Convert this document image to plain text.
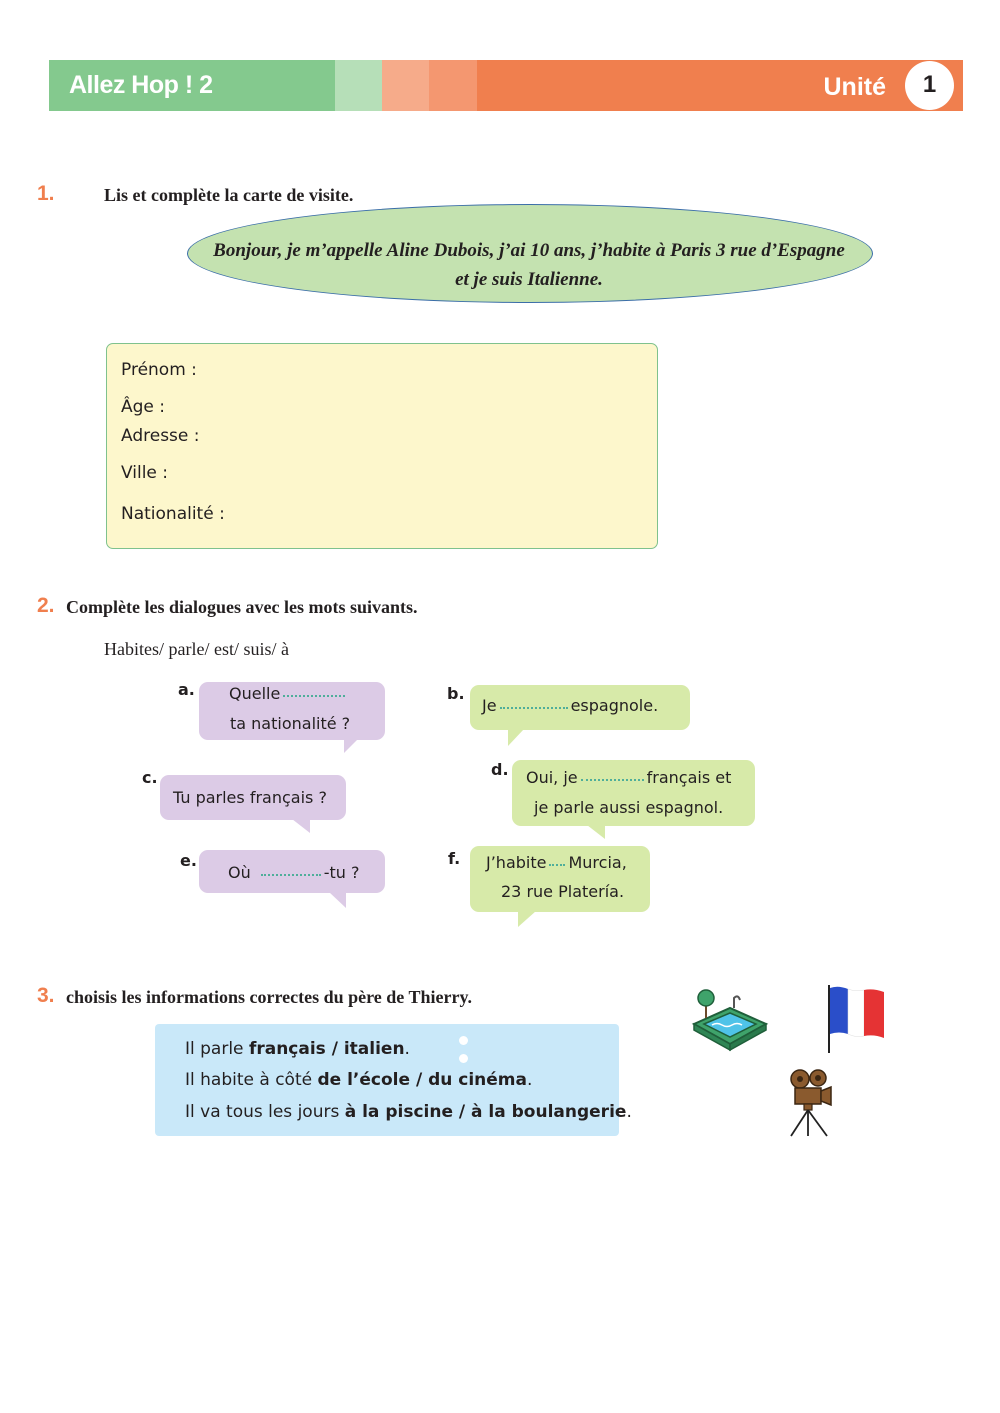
Allez Hop ! 2	Unité	1
1.	Lis et complète la carte de visite.
Bonjour, je m’appelle Aline Dubois, j’ai 10 ans, j’habite à Paris 3 rue d’Espagne
et je suis Italienne.
Prénom :
Âge :
Adresse :
Ville :
Nationalité :
2. Complète les dialogues avec les mots suivants.
Habites/ parle/ est/ suis/ à
a. Quelle
ta nationalité ?
b.
Je	espagnole.
c.
Tu parles français ?
d. Oui, je	français et
je parle aussi espagnol.
e.
Où	-tu ?
f. J’habite Murcia,
23 rue Platería.
3. choisis les informations correctes du père de Thierry.
Il parle français / italien.
Il habite à côté de l’école / du cinéma.
Il va tous les jours à la piscine / à la boulangerie.
